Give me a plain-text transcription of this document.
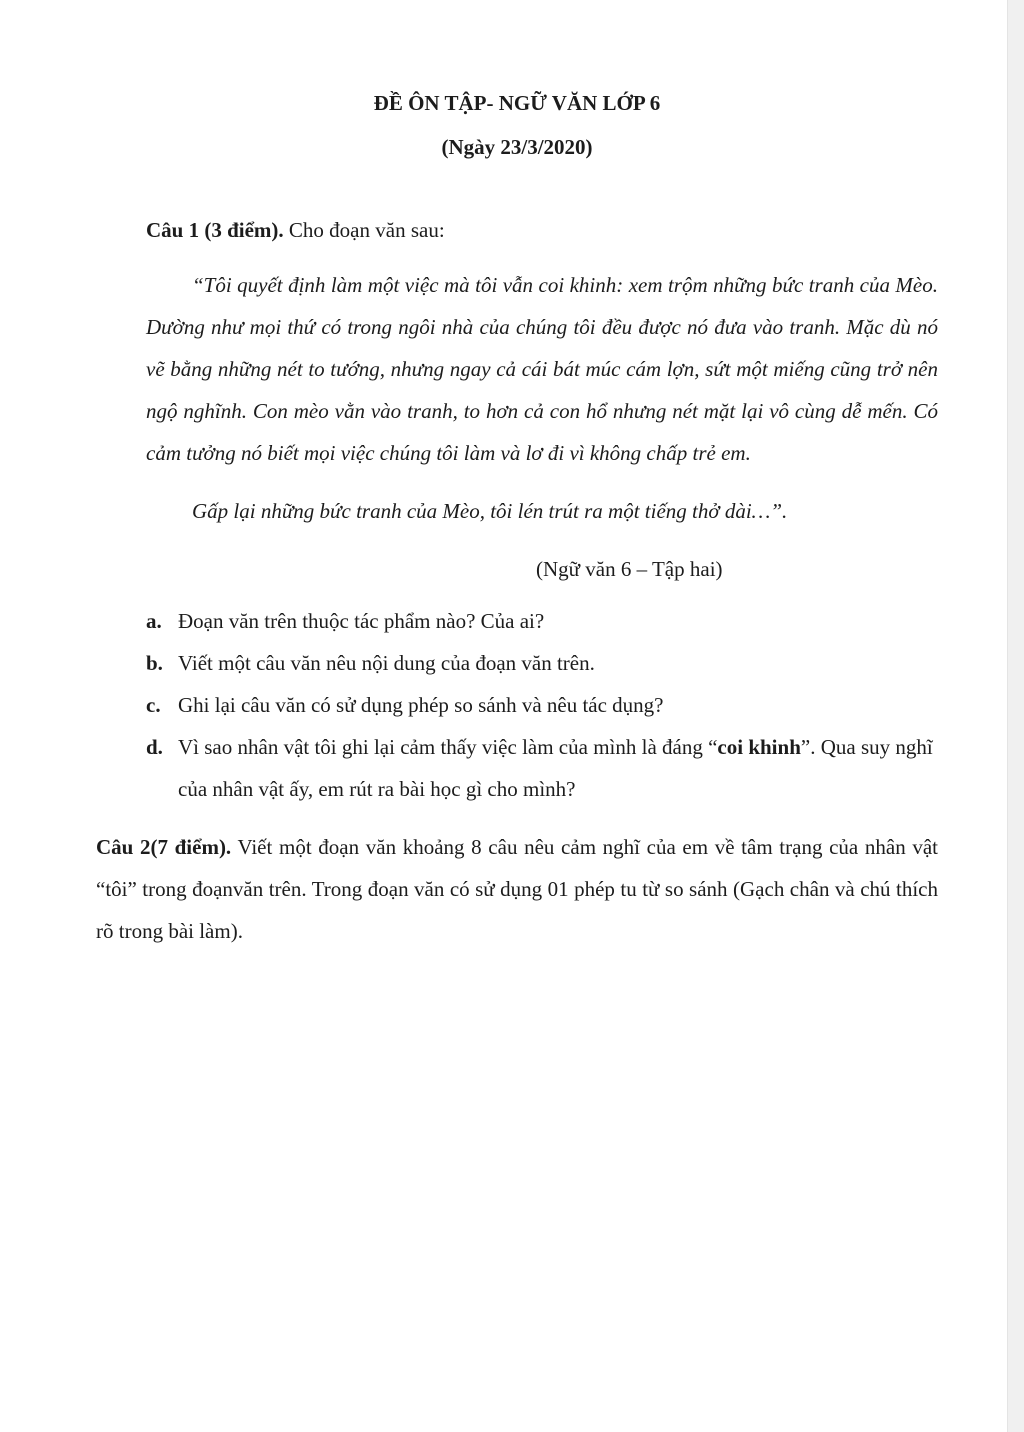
ĐỀ ÔN TẬP- NGỮ VĂN LỚP 6
(Ngày 23/3/2020)
Câu 1 (3 điểm). Cho đoạn văn sau:
“Tôi quyết định làm một việc mà tôi vẫn coi khinh: xem trộm những bức tranh của Mèo. Dường như mọi thứ có trong ngôi nhà của chúng tôi đều được nó đưa vào tranh. Mặc dù nó vẽ bằng những nét to tướng, nhưng ngay cả cái bát múc cám lợn, sứt một miếng cũng trở nên ngộ nghĩnh. Con mèo vằn vào tranh, to hơn cả con hổ nhưng nét mặt lại vô cùng dễ mến. Có cảm tưởng nó biết mọi việc chúng tôi làm và lơ đi vì không chấp trẻ em.
Gấp lại những bức tranh của Mèo, tôi lén trút ra một tiếng thở dài…”.
(Ngữ văn 6 – Tập hai)
a. Đoạn văn trên thuộc tác phẩm nào? Của ai?
b. Viết một câu văn nêu nội dung của đoạn văn trên.
c. Ghi lại câu văn có sử dụng phép so sánh và nêu tác dụng?
d. Vì sao nhân vật tôi ghi lại cảm thấy việc làm của mình là đáng “coi khinh”. Qua suy nghĩ của nhân vật ấy, em rút ra bài học gì cho mình?
Câu 2(7 điểm). Viết một đoạn văn khoảng 8 câu nêu cảm nghĩ của em về tâm trạng của nhân vật “tôi” trong đoạnvăn trên. Trong đoạn văn có sử dụng 01 phép tu từ so sánh (Gạch chân và chú thích rõ trong bài làm).
